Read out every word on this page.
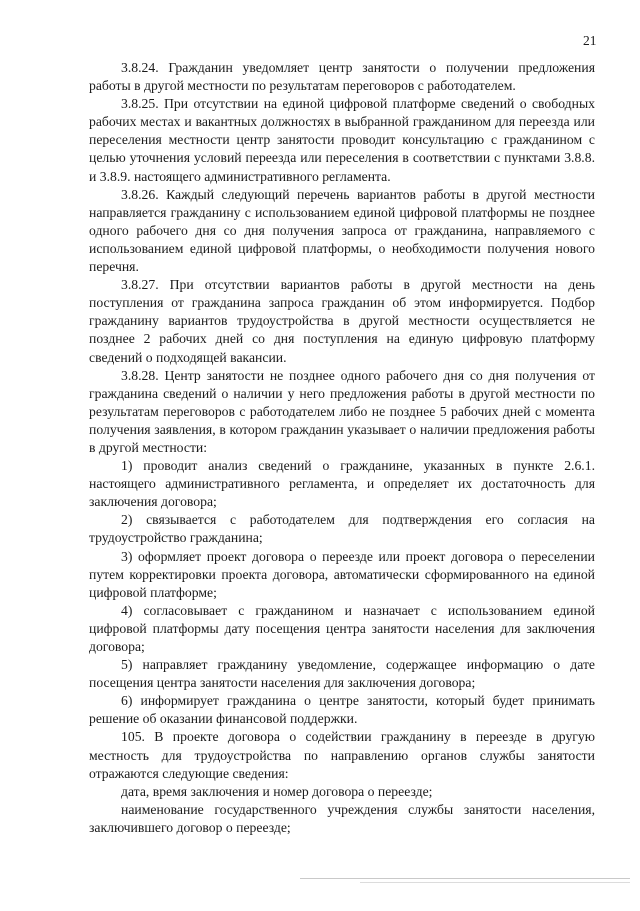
21

3.8.24. Гражданин уведомляет центр занятости о получении предложения работы в другой местности по результатам переговоров с работодателем.

3.8.25. При отсутствии на единой цифровой платформе сведений о свободных рабочих местах и вакантных должностях в выбранной гражданином для переезда или переселения местности центр занятости проводит консультацию с гражданином с целью уточнения условий переезда или переселения в соответствии с пунктами 3.8.8. и 3.8.9. настоящего административного регламента.

3.8.26. Каждый следующий перечень вариантов работы в другой местности направляется гражданину с использованием единой цифровой платформы не позднее одного рабочего дня со дня получения запроса от гражданина, направляемого с использованием единой цифровой платформы, о необходимости получения нового перечня.

3.8.27. При отсутствии вариантов работы в другой местности на день поступления от гражданина запроса гражданин об этом информируется. Подбор гражданину вариантов трудоустройства в другой местности осуществляется не позднее 2 рабочих дней со дня поступления на единую цифровую платформу сведений о подходящей вакансии.

3.8.28. Центр занятости не позднее одного рабочего дня со дня получения от гражданина сведений о наличии у него предложения работы в другой местности по результатам переговоров с работодателем либо не позднее 5 рабочих дней с момента получения заявления, в котором гражданин указывает о наличии предложения работы в другой местности:

1) проводит анализ сведений о гражданине, указанных в пункте 2.6.1. настоящего административного регламента, и определяет их достаточность для заключения договора;

2) связывается с работодателем для подтверждения его согласия на трудоустройство гражданина;

3) оформляет проект договора о переезде или проект договора о переселении путем корректировки проекта договора, автоматически сформированного на единой цифровой платформе;

4) согласовывает с гражданином и назначает с использованием единой цифровой платформы дату посещения центра занятости населения для заключения договора;

5) направляет гражданину уведомление, содержащее информацию о дате посещения центра занятости населения для заключения договора;

6) информирует гражданина о центре занятости, который будет принимать решение об оказании финансовой поддержки.

105. В проекте договора о содействии гражданину в переезде в другую местность для трудоустройства по направлению органов службы занятости отражаются следующие сведения:

дата, время заключения и номер договора о переезде;

наименование государственного учреждения службы занятости населения, заключившего договор о переезде;
